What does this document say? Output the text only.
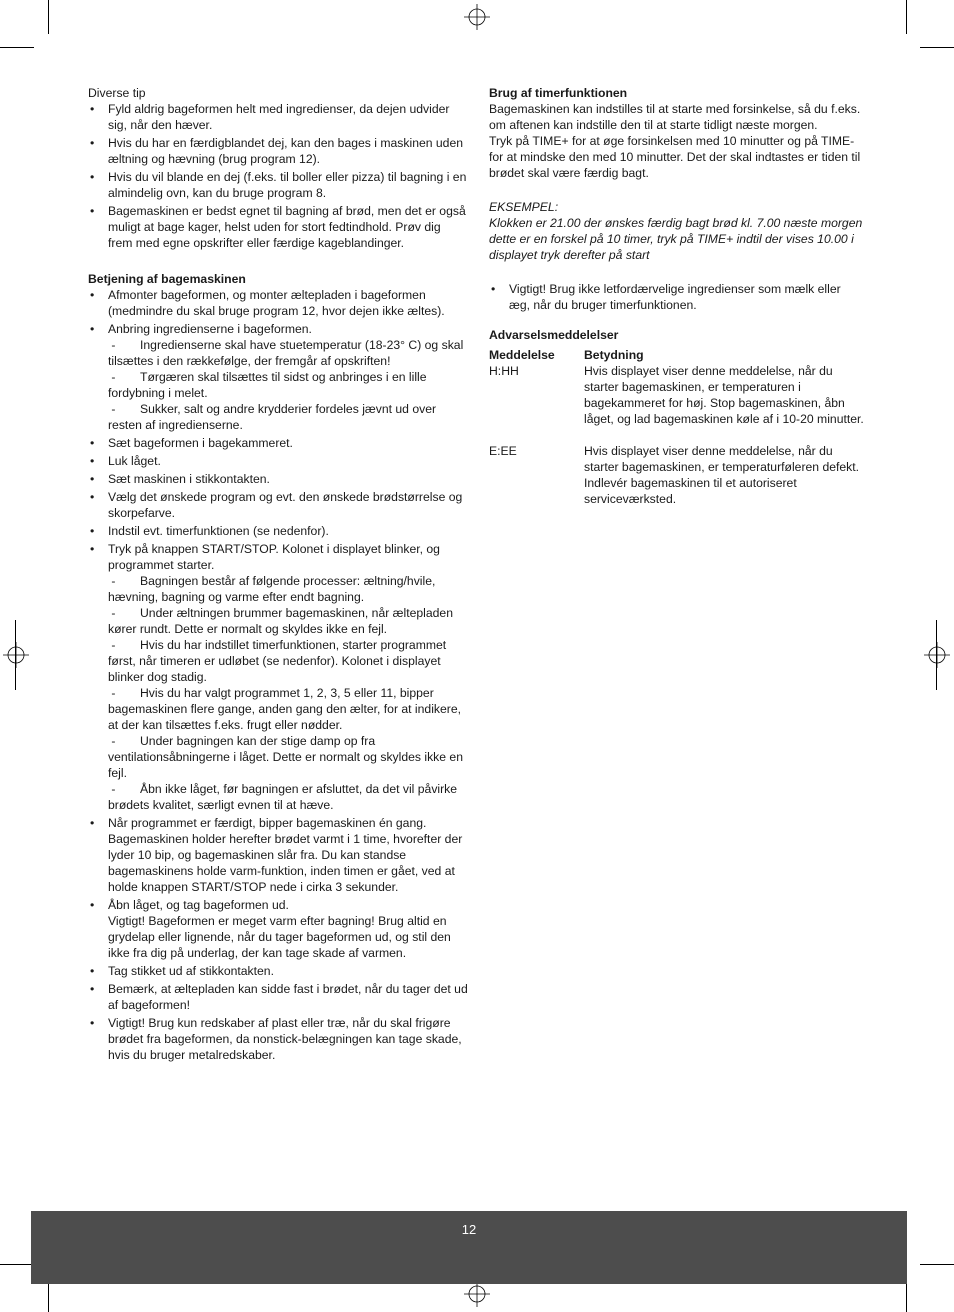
Diverse tip

• Fyld aldrig bageformen helt med ingredienser, da dejen udvider sig, når den hæver.
• Hvis du har en færdigblandet dej, kan den bages i maskinen uden æltning og hævning (brug program 12).
• Hvis du vil blande en dej (f.eks. til boller eller pizza) til bagning i en almindelig ovn, kan du bruge program 8.
• Bagemaskinen er bedst egnet til bagning af brød, men det er også muligt at bage kager, helst uden for stort fedtindhold. Prøv dig frem med egne opskrifter eller færdige kageblandinger.

Betjening af bagemaskinen

• Afmonter bageformen, og monter æltepladen i bageformen (medmindre du skal bruge program 12, hvor dejen ikke æltes).
• Anbring ingredienserne i bageformen.
- Ingredienserne skal have stuetemperatur (18-23° C) og skal tilsættes i den rækkefølge, der fremgår af opskriften!
- Tørgæren skal tilsættes til sidst og anbringes i en lille fordybning i melet.
- Sukker, salt og andre krydderier fordeles jævnt ud over resten af ingredienserne.
• Sæt bageformen i bagekammeret.
• Luk låget.
• Sæt maskinen i stikkontakten.
• Vælg det ønskede program og evt. den ønskede brødstørrelse og skorpefarve.
• Indstil evt. timerfunktionen (se nedenfor).
• Tryk på knappen START/STOP. Kolonet i displayet blinker, og programmet starter.
- Bagningen består af følgende processer: æltning/hvile, hævning, bagning og varme efter endt bagning.
- Under æltningen brummer bagemaskinen, når æltepladen kører rundt. Dette er normalt og skyldes ikke en fejl.
- Hvis du har indstillet timerfunktionen, starter programmet først, når timeren er udløbet (se nedenfor). Kolonet i displayet blinker dog stadig.
- Hvis du har valgt programmet 1, 2, 3, 5 eller 11, bipper bagemaskinen flere gange, anden gang den ælter, for at indikere, at der kan tilsættes f.eks. frugt eller nødder.
- Under bagningen kan der stige damp op fra ventilationsåbningerne i låget. Dette er normalt og skyldes ikke en fejl.
- Åbn ikke låget, før bagningen er afsluttet, da det vil påvirke brødets kvalitet, særligt evnen til at hæve.
• Når programmet er færdigt, bipper bagemaskinen én gang. Bagemaskinen holder herefter brødet varmt i 1 time, hvorefter der lyder 10 bip, og bagemaskinen slår fra. Du kan standse bagemaskinens holde varm-funktion, inden timen er gået, ved at holde knappen START/STOP nede i cirka 3 sekunder.
• Åbn låget, og tag bageformen ud.
Vigtigt! Bageformen er meget varm efter bagning! Brug altid en grydelap eller lignende, når du tager bageformen ud, og stil den ikke fra dig på underlag, der kan tage skade af varmen.
• Tag stikket ud af stikkontakten.
• Bemærk, at æltepladen kan sidde fast i brødet, når du tager det ud af bageformen!
• Vigtigt! Brug kun redskaber af plast eller træ, når du skal frigøre brødet fra bageformen, da nonstick-belægningen kan tage skade, hvis du bruger metalredskaber.

Brug af timerfunktionen

Bagemaskinen kan indstilles til at starte med forsinkelse, så du f.eks. om aftenen kan indstille den til at starte tidligt næste morgen.

Tryk på TIME+ for at øge forsinkelsen med 10 minutter og på TIME- for at mindske den med 10 minutter. Det der skal indtastes er tiden til brødet skal være færdig bagt.

EKSEMPEL:

Klokken er 21.00 der ønskes færdig bagt brød kl. 7.00 næste morgen dette er en forskel på 10 timer, tryk på TIME+ indtil der vises 10.00 i displayet tryk derefter på start

• Vigtigt! Brug ikke letfordærvelige ingredienser som mælk eller æg, når du bruger timerfunktionen.

Advarselsmeddelelser

Meddelelse	Betydning
H:HH	Hvis displayet viser denne meddelelse, når du starter bagemaskinen, er temperaturen i bagekammeret for høj. Stop bagemaskinen, åbn låget, og lad bagemaskinen køle af i 10-20 minutter.
E:EE	Hvis displayet viser denne meddelelse, når du starter bagemaskinen, er temperaturføleren defekt. Indlevér bagemaskinen til et autoriseret serviceværksted.
12
